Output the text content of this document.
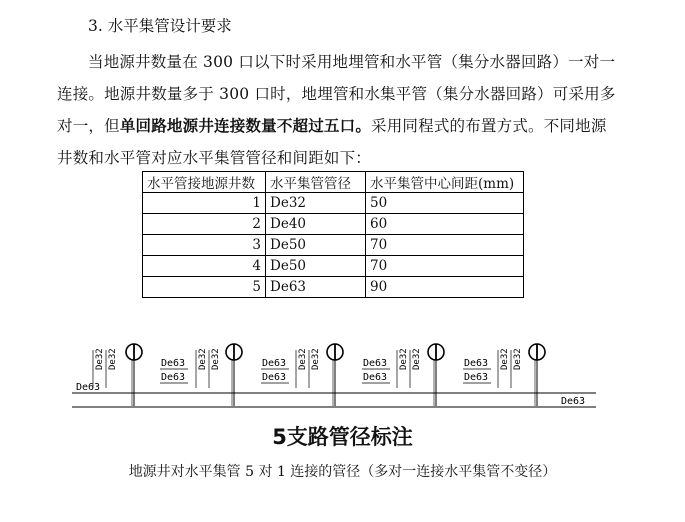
3. 水平集管设计要求
当地源井数量在 300 口以下时采用地埋管和水平管（集分水器回路）一对一连接。地源井数量多于 300 口时，地埋管和水集平管（集分水器回路）可采用多对一，但单回路地源井连接数量不超过五口。采用同程式的布置方式。不同地源井数和水平管对应水平集管管径和间距如下：
水平管接地源井数	水平集管管径	水平集管中心间距(mm)
1	De32	50
2	De40	60
3	De50	70
4	De50	70
5	De63	90
De63
De63
De32 De32	De32 De32	De32 De32	De32 De32	De32 De32
De63
De63
De63
De63
De63
De63
De63
De63
5支路管径标注
地源井对水平集管 5 对 1 连接的管径（多对一连接水平集管不变径）
